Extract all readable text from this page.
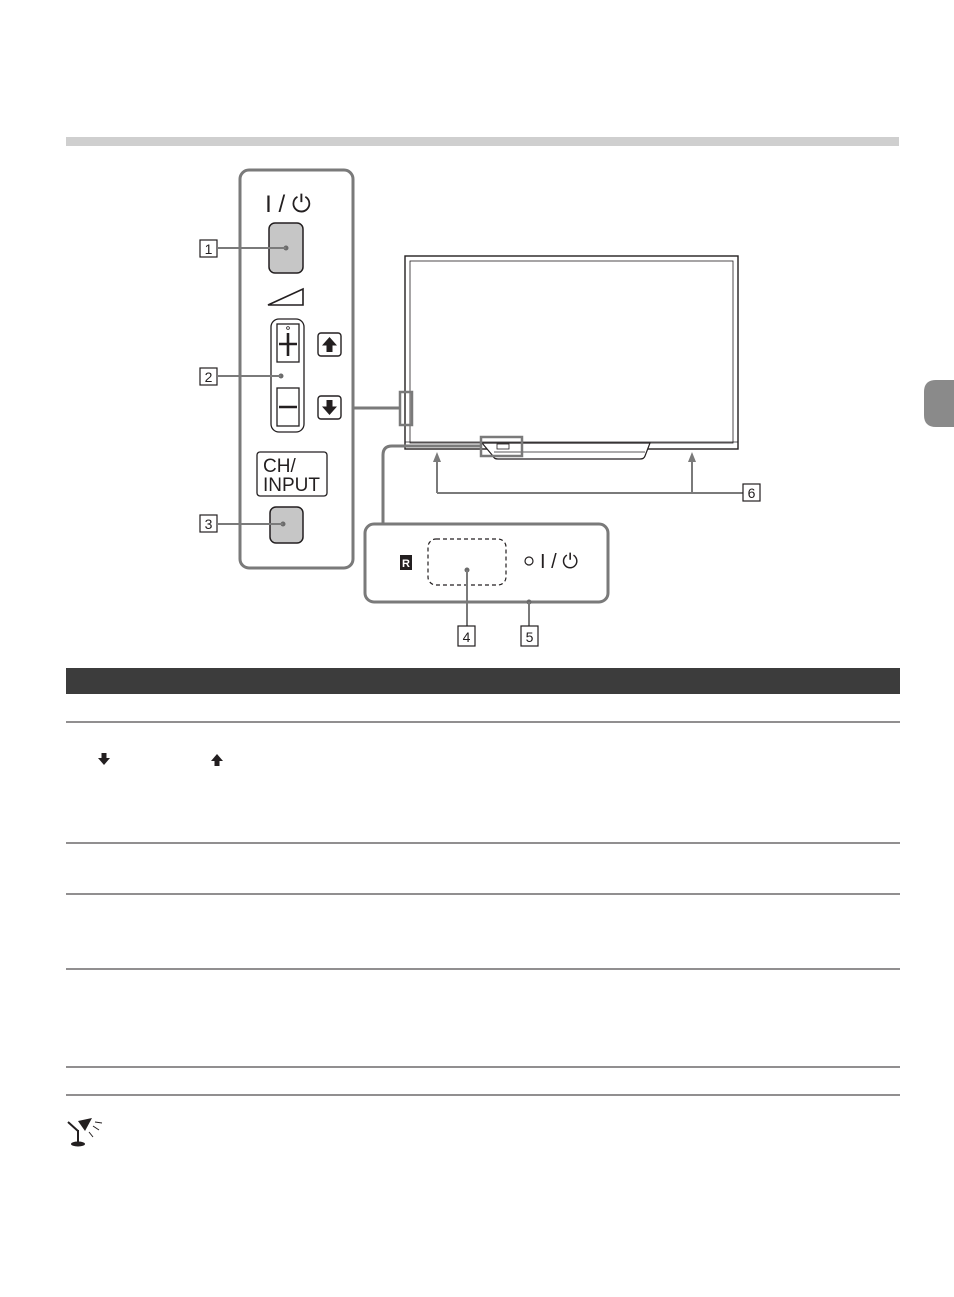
I / ⏻
CH/
INPUT
1
2
3
6
R	I / ⏻
4	5
